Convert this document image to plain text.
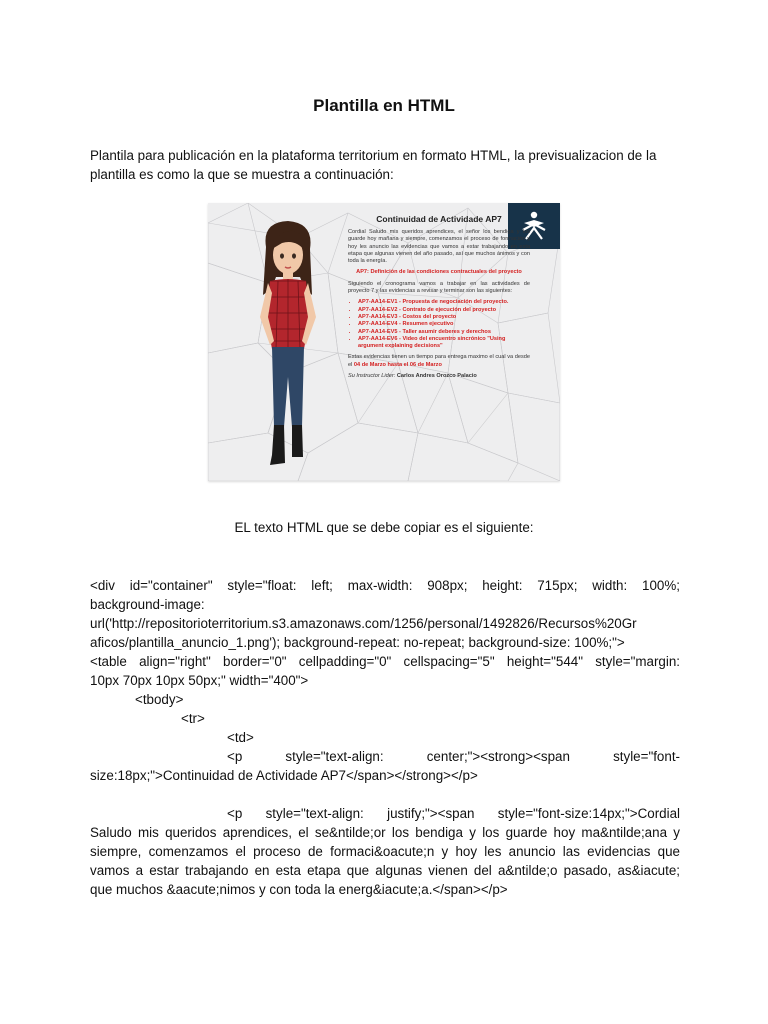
Plantilla en HTML

Plantila para publicación en la plataforma territorium en formato HTML, la previsualizacion de la plantilla es como la que se muestra a continuación:

Continuidad de Actividade AP7

Cordial Saludo mis queridos aprendices, el señor los bendiga y los guarde hoy mañana y siempre, comenzamos el proceso de formación y hoy les anuncio las evidencias que vamos a estar trabajando en esta etapa que algunas vienen del año pasado, así que muchos ánimos y con toda la energía.

AP7: Definición de las condiciones contractuales del proyecto

Siguiendo el cronograma vamos a trabajar en las actividades de proyecto 7 y las evidencias a revisar y terminar son las siguientes:

• AP7-AA14-EV1 - Propuesta de negociación del proyecto.
• AP7-AA14-EV2 - Contrato de ejecución del proyecto
• AP7-AA14-EV3 - Costos del proyecto
• AP7-AA14-EV4 - Resumen ejecutivo
• AP7-AA14-EV5 - Taller asumir deberes y derechos
• AP7-AA14-EV6 - Video del encuentro sincrónico "Using argument explaining decisions"

Estas evidencias tienen un tiempo para entrega maximo el cual va desde el 04 de Marzo hasta el 06 de Marzo

Su Instructor Lider: Carlos Andres Orozco Palacio

EL texto HTML que se debe copiar es el siguiente:

<div id="container" style="float: left; max-width: 908px; height: 715px; width: 100%;

background-image:

url('http://repositorioterritorium.s3.amazonaws.com/1256/personal/1492826/Recursos%20Gr

aficos/plantilla_anuncio_1.png'); background-repeat: no-repeat; background-size: 100%;">

<table align="right" border="0" cellpadding="0" cellspacing="5" height="544" style="margin:

10px 70px 10px 50px;" width="400">

<tbody>

<tr>

<td>

<p style="text-align: center;"><strong><span style="font-

size:18px;">Continuidad de Actividade AP7</span></strong></p>

<p style="text-align: justify;"><span style="font-size:14px;">Cordial

Saludo mis queridos aprendices, el se&ntilde;or los bendiga y los guarde hoy ma&ntilde;ana y

siempre, comenzamos el proceso de formaci&oacute;n y hoy les anuncio las evidencias que

vamos a estar trabajando en esta etapa que algunas vienen del a&ntilde;o pasado, as&iacute;

que muchos &aacute;nimos y con toda la energ&iacute;a.</span></p>
